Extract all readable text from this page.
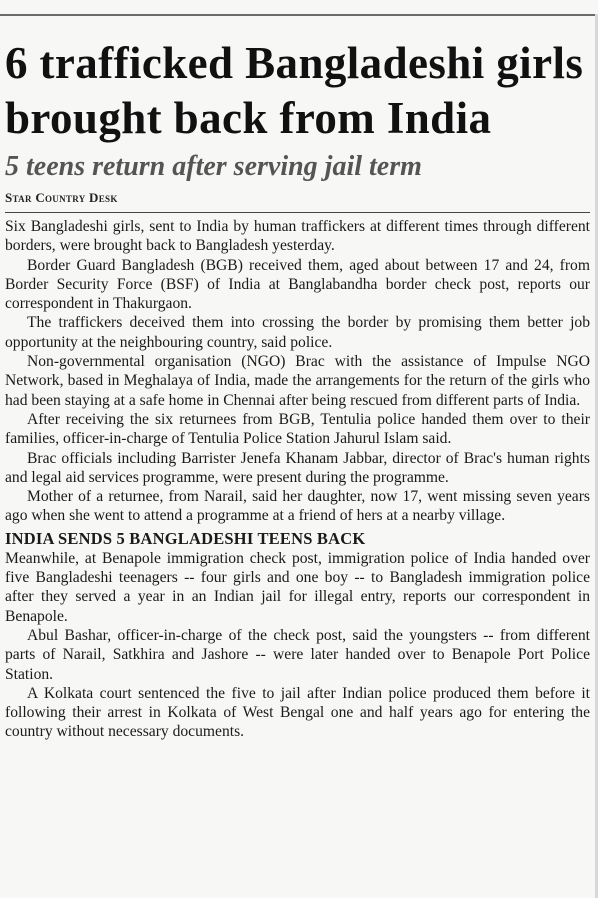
6 trafficked Bangladeshi girls brought back from India
5 teens return after serving jail term
Star Country Desk

Six Bangladeshi girls, sent to India by human traffickers at different times through different borders, were brought back to Bangladesh yesterday.

Border Guard Bangladesh (BGB) received them, aged about between 17 and 24, from Border Security Force (BSF) of India at Banglabandha border check post, reports our correspondent in Thakurgaon.

The traffickers deceived them into crossing the border by promising them better job opportunity at the neighbouring country, said police.

Non-governmental organisation (NGO) Brac with the assistance of Impulse NGO Network, based in Meghalaya of India, made the arrangements for the return of the girls who had been staying at a safe home in Chennai after being rescued from different parts of India.

After receiving the six returnees from BGB, Tentulia police handed them over to their families, officer-in-charge of Tentulia Police Station Jahurul Islam said.

Brac officials including Barrister Jenefa Khanam Jabbar, director of Brac's human rights and legal aid services programme, were present during the programme.

Mother of a returnee, from Narail, said her daughter, now 17, went missing seven years ago when she went to attend a programme at a friend of hers at a nearby village.

INDIA SENDS 5 BANGLADESHI TEENS BACK

Meanwhile, at Benapole immigration check post, immigration police of India handed over five Bangladeshi teenagers -- four girls and one boy -- to Bangladesh immigration police after they served a year in an Indian jail for illegal entry, reports our correspondent in Benapole.

Abul Bashar, officer-in-charge of the check post, said the youngsters -- from different parts of Narail, Satkhira and Jashore -- were later handed over to Benapole Port Police Station.

A Kolkata court sentenced the five to jail after Indian police produced them before it following their arrest in Kolkata of West Bengal one and half years ago for entering the country without necessary documents.
